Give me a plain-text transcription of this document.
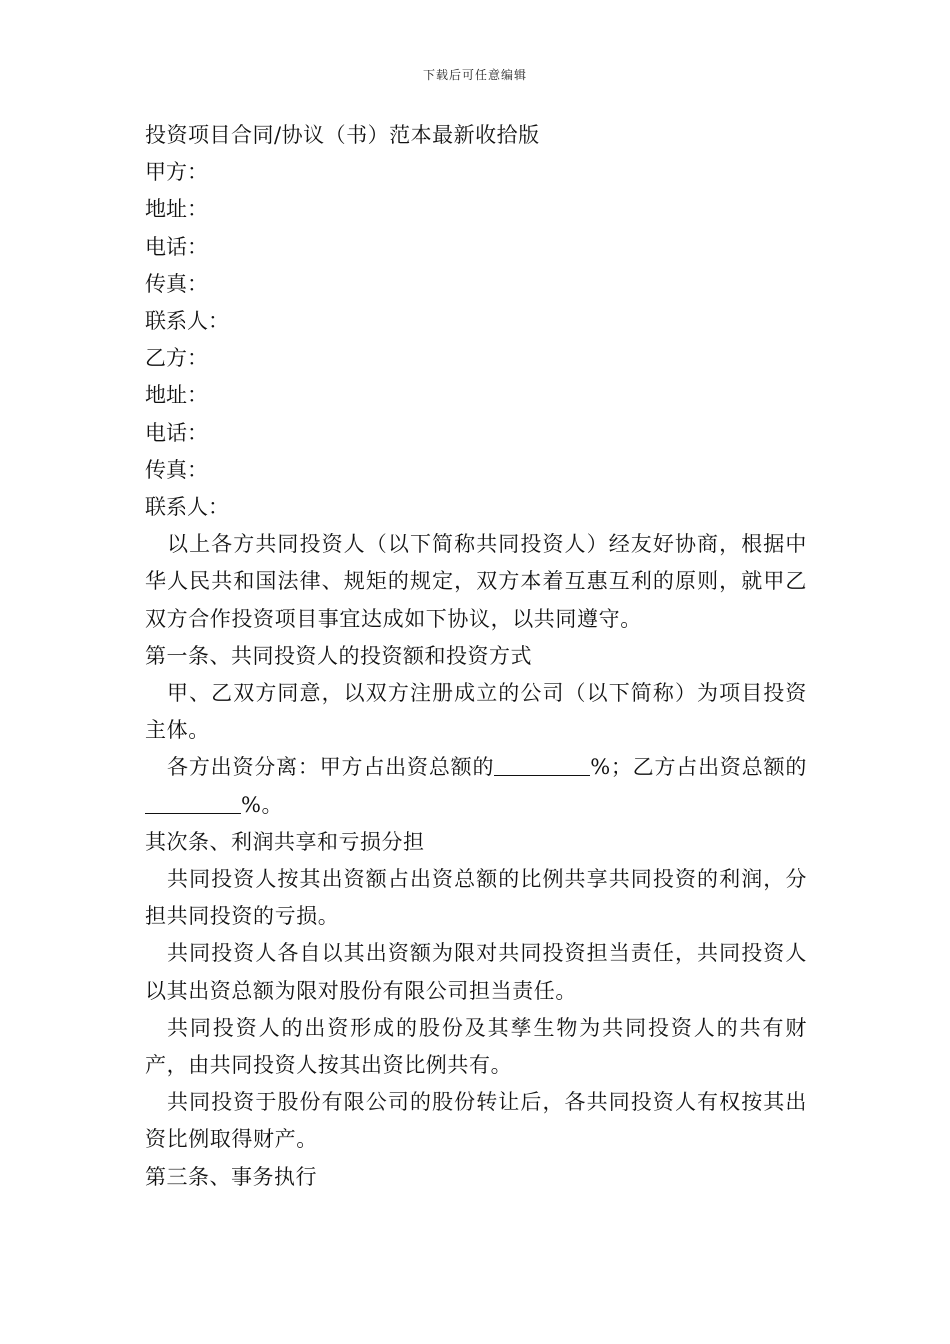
下载后可任意编辑

投资项目合同/协议（书）范本最新收拾版

甲方：

地址：

电话：

传真：

联系人：

乙方：

地址：

电话：

传真：

联系人：

以上各方共同投资人（以下简称共同投资人）经友好协商，根据中华人民共和国法律、规矩的规定，双方本着互惠互利的原则，就甲乙双方合作投资项目事宜达成如下协议，以共同遵守。

第一条、共同投资人的投资额和投资方式

甲、乙双方同意，以双方注册成立的公司（以下简称）为项目投资主体。

各方出资分离：甲方占出资总额的	%；乙方占出资总额的%。

其次条、利润共享和亏损分担

共同投资人按其出资额占出资总额的比例共享共同投资的利润，分担共同投资的亏损。

共同投资人各自以其出资额为限对共同投资担当责任，共同投资人以其出资总额为限对股份有限公司担当责任。

共同投资人的出资形成的股份及其孳生物为共同投资人的共有财产，由共同投资人按其出资比例共有。

共同投资于股份有限公司的股份转让后，各共同投资人有权按其出资比例取得财产。

第三条、事务执行
